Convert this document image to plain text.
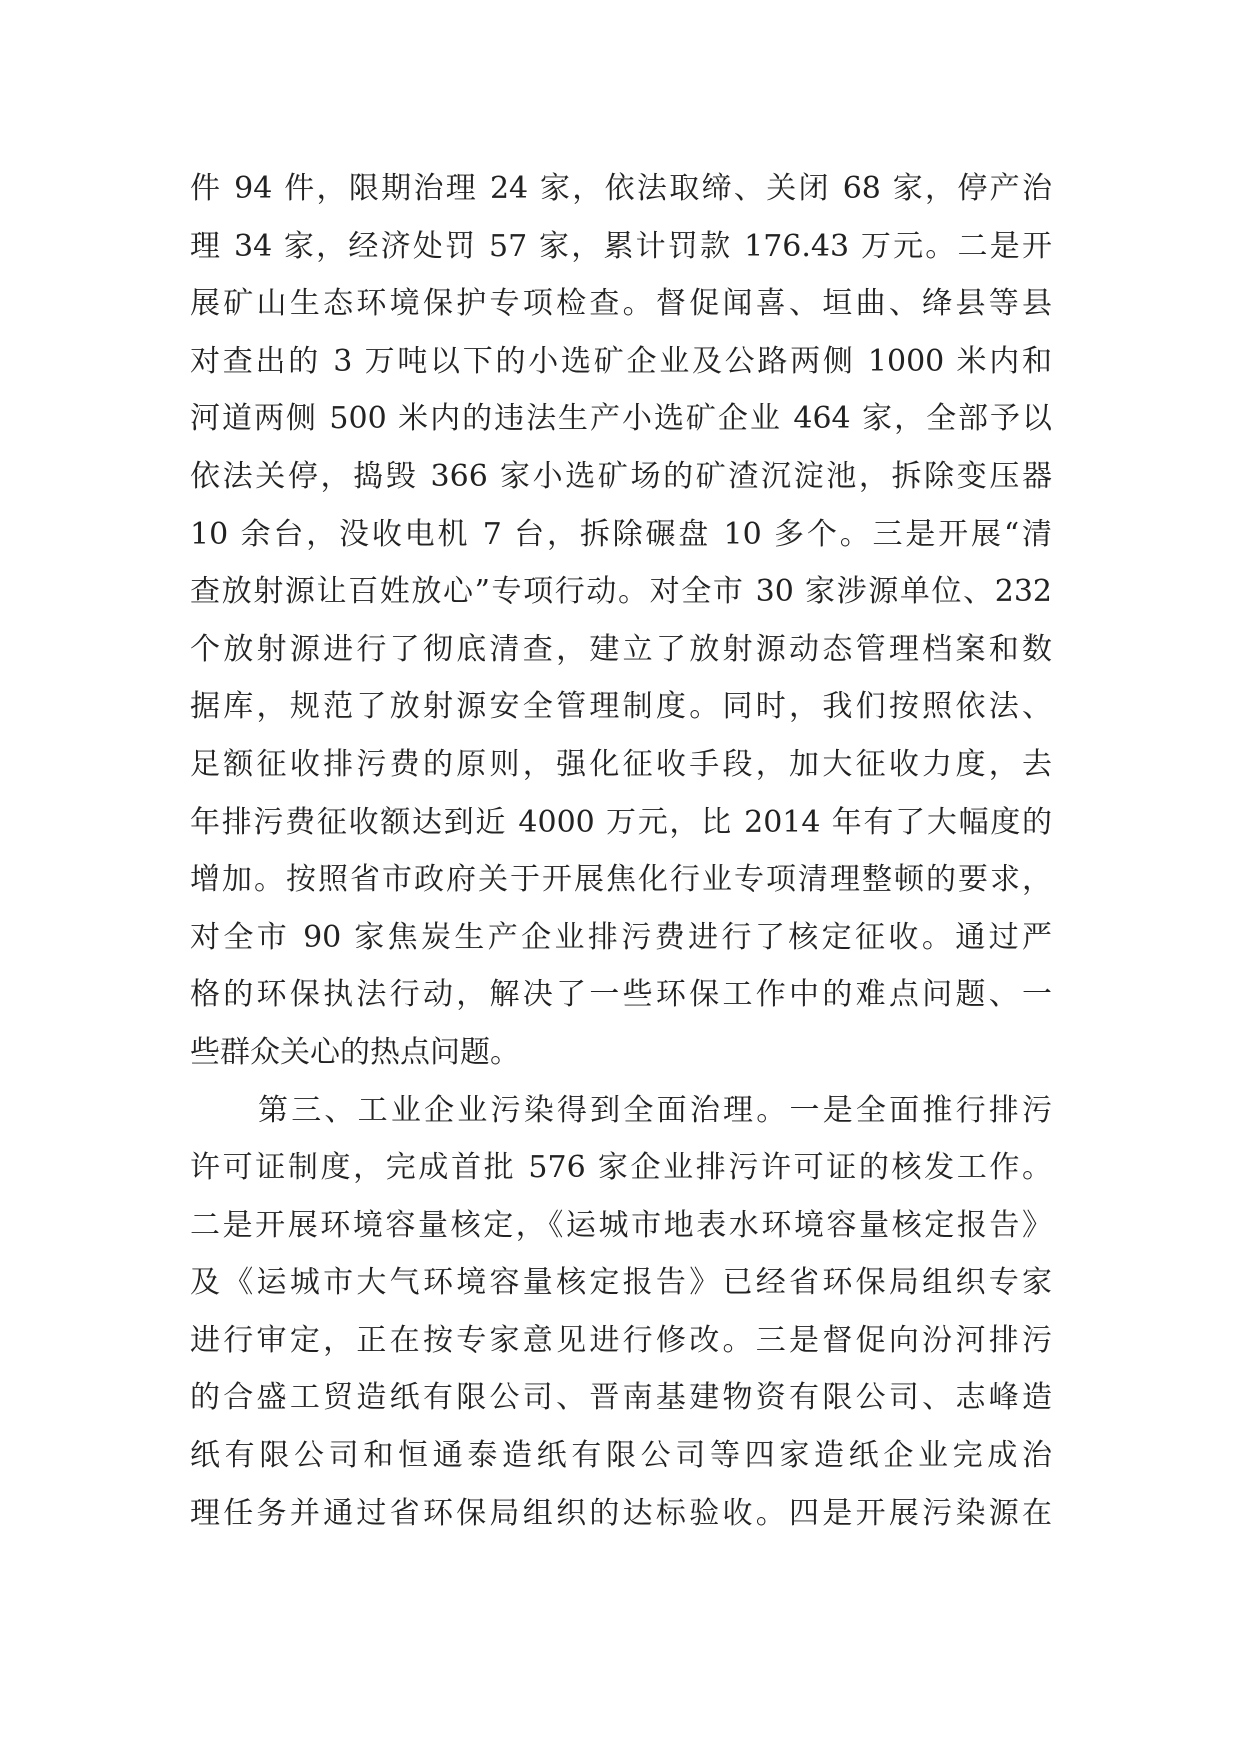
件 94 件，限期治理 24 家，依法取缔、关闭 68 家，停产治
理 34 家，经济处罚 57 家，累计罚款 176.43 万元。二是开
展矿山生态环境保护专项检查。督促闻喜、垣曲、绛县等县
对查出的 3 万吨以下的小选矿企业及公路两侧 1000 米内和
河道两侧 500 米内的违法生产小选矿企业 464 家，全部予以
依法关停，捣毁 366 家小选矿场的矿渣沉淀池，拆除变压器
10 余台，没收电机 7 台，拆除碾盘 10 多个。三是开展“清
查放射源让百姓放心”专项行动。对全市 30 家涉源单位、232
个放射源进行了彻底清查，建立了放射源动态管理档案和数
据库，规范了放射源安全管理制度。同时，我们按照依法、
足额征收排污费的原则，强化征收手段，加大征收力度，去
年排污费征收额达到近 4000 万元，比 2014 年有了大幅度的
增加。按照省市政府关于开展焦化行业专项清理整顿的要求，
对全市 90 家焦炭生产企业排污费进行了核定征收。通过严
格的环保执法行动，解决了一些环保工作中的难点问题、一
些群众关心的热点问题。
第三、工业企业污染得到全面治理。一是全面推行排污
许可证制度，完成首批 576 家企业排污许可证的核发工作。
二是开展环境容量核定，《运城市地表水环境容量核定报告》
及《运城市大气环境容量核定报告》已经省环保局组织专家
进行审定，正在按专家意见进行修改。三是督促向汾河排污
的合盛工贸造纸有限公司、晋南基建物资有限公司、志峰造
纸有限公司和恒通泰造纸有限公司等四家造纸企业完成治
理任务并通过省环保局组织的达标验收。四是开展污染源在
